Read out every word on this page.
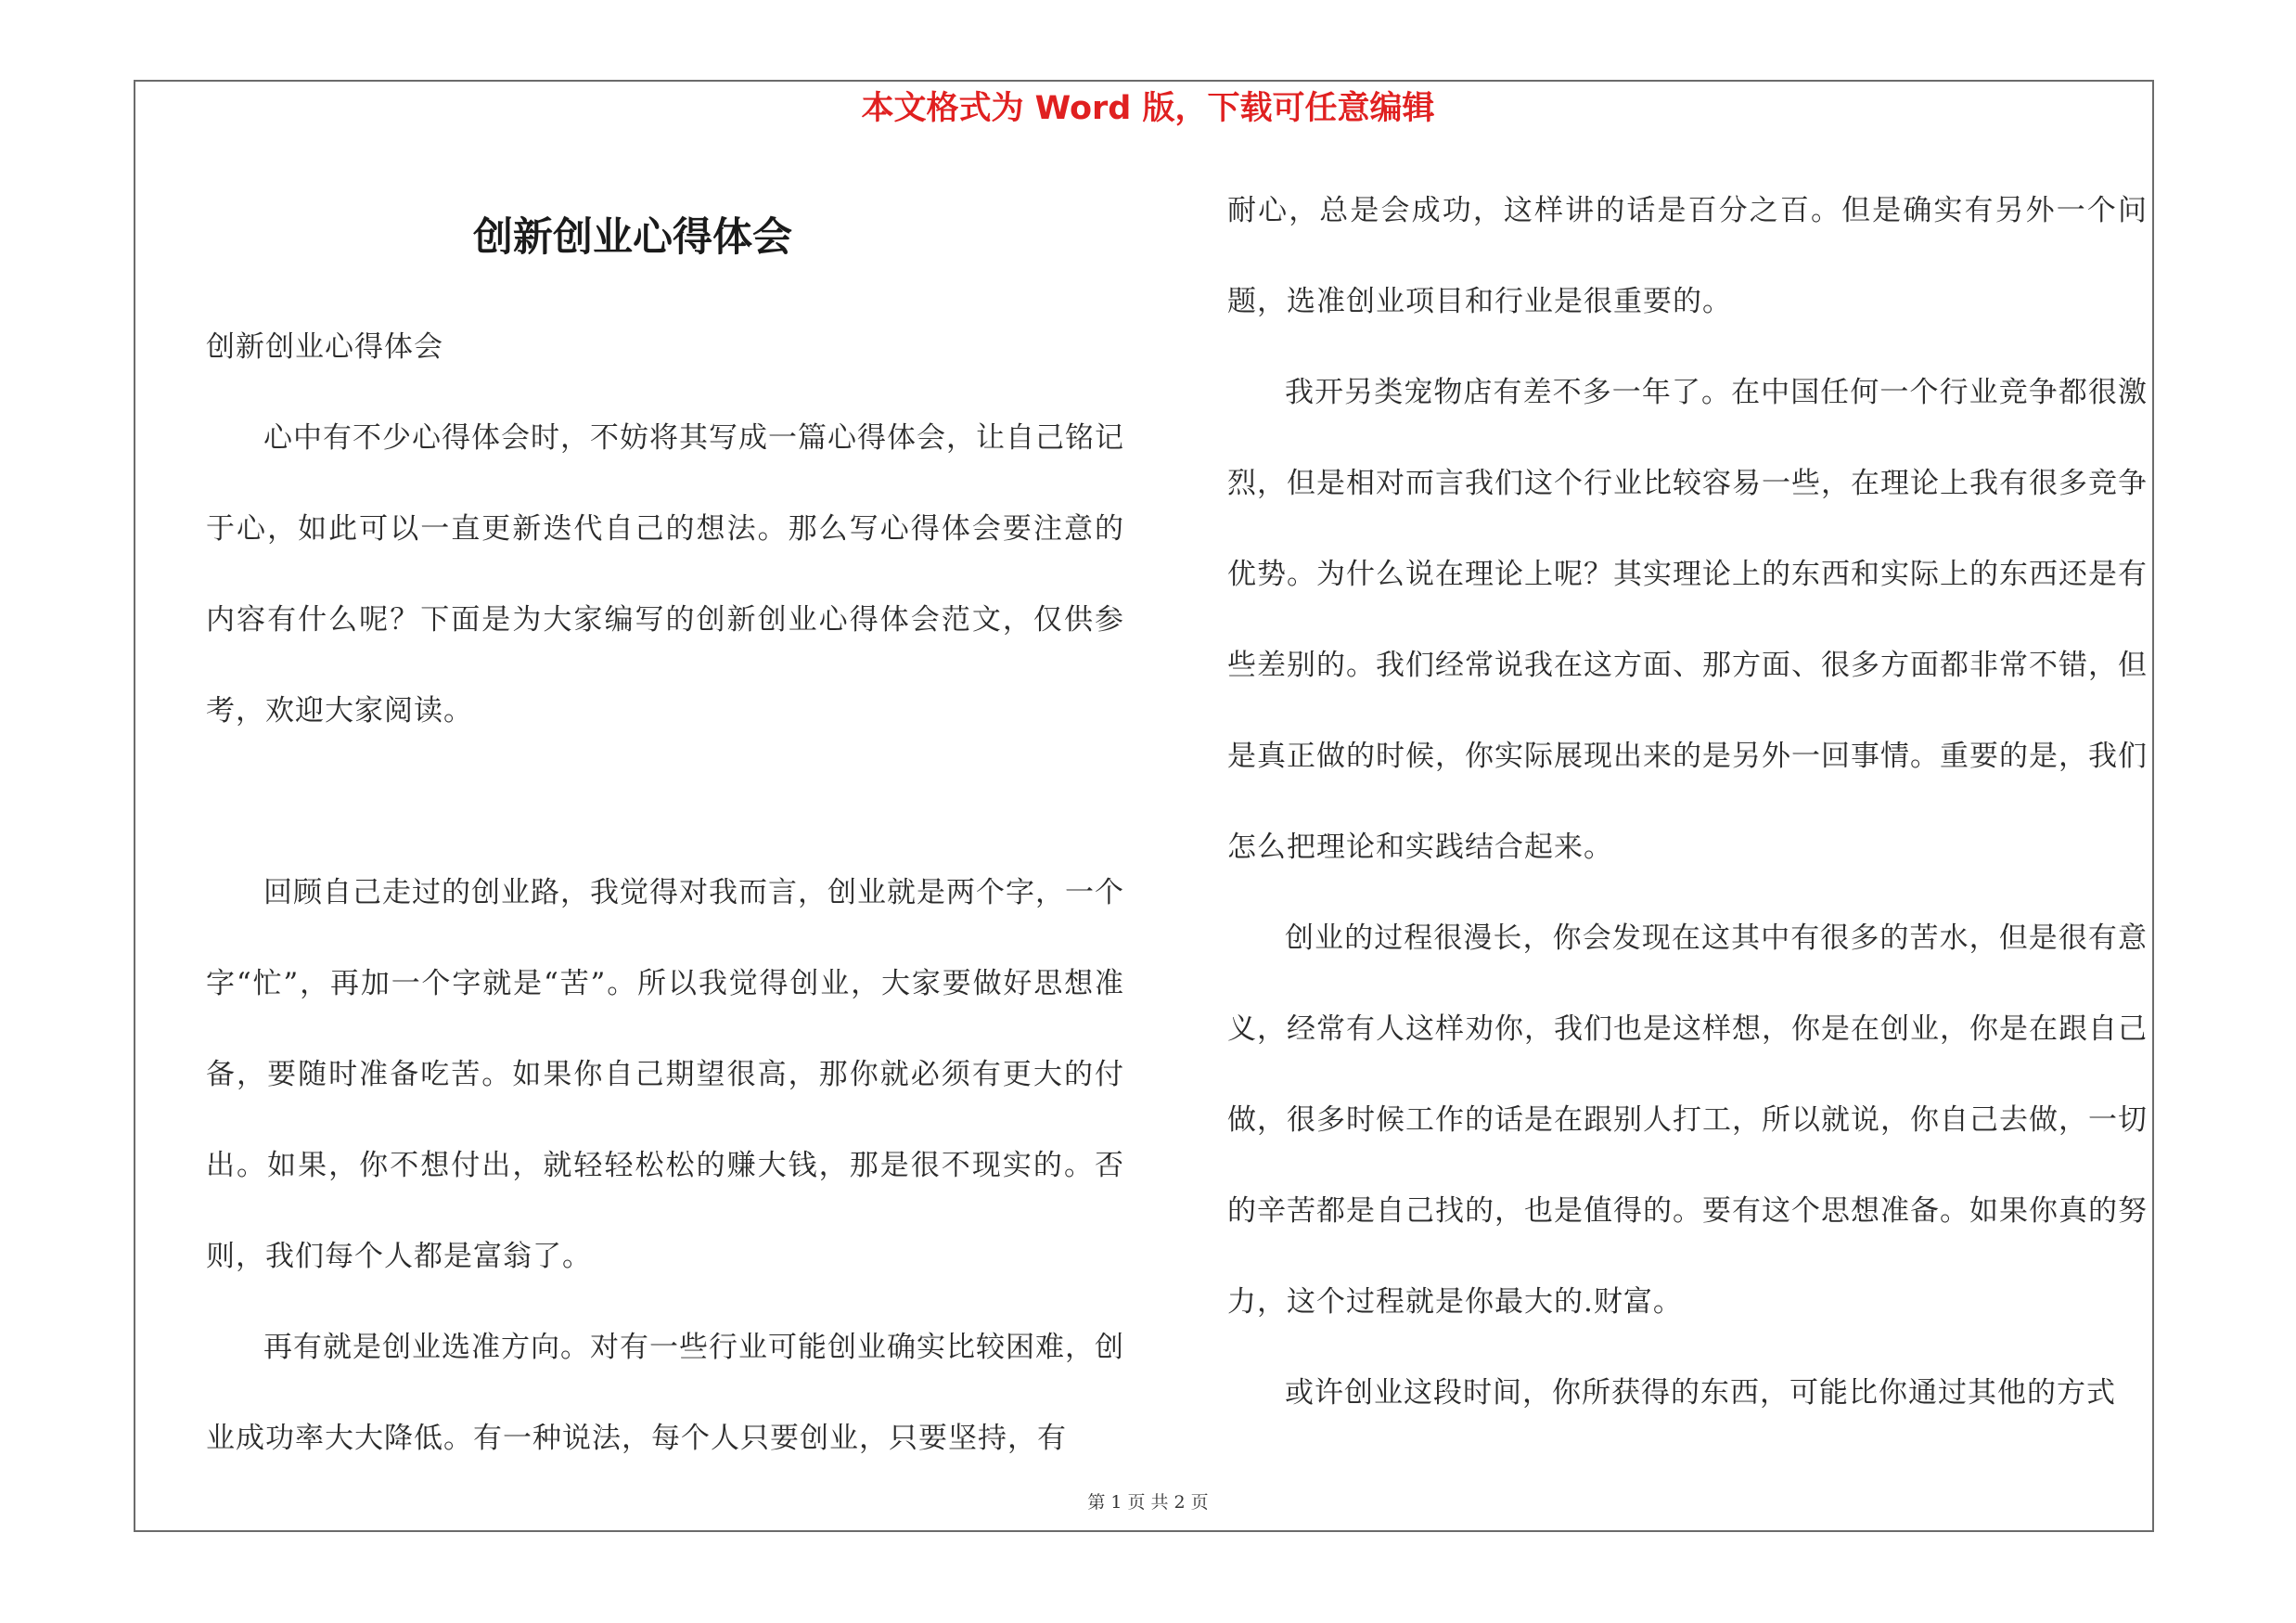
本文格式为 Word 版，下载可任意编辑
创新创业心得体会

创新创业心得体会

心中有不少心得体会时，不妨将其写成一篇心得体会，让自己铭记于心，如此可以一直更新迭代自己的想法。那么写心得体会要注意的内容有什么呢？下面是为大家编写的创新创业心得体会范文，仅供参考，欢迎大家阅读。

回顾自己走过的创业路，我觉得对我而言，创业就是两个字，一个字“忙”，再加一个字就是“苦”。所以我觉得创业，大家要做好思想准备，要随时准备吃苦。如果你自己期望很高，那你就必须有更大的付出。如果，你不想付出，就轻轻松松的赚大钱，那是很不现实的。否则，我们每个人都是富翁了。

再有就是创业选准方向。对有一些行业可能创业确实比较困难，创业成功率大大降低。有一种说法，每个人只要创业，只要坚持，有

耐心，总是会成功，这样讲的话是百分之百。但是确实有另外一个问题，选准创业项目和行业是很重要的。

我开另类宠物店有差不多一年了。在中国任何一个行业竞争都很激烈，但是相对而言我们这个行业比较容易一些，在理论上我有很多竞争优势。为什么说在理论上呢？其实理论上的东西和实际上的东西还是有些差别的。我们经常说我在这方面、那方面、很多方面都非常不错，但是真正做的时候，你实际展现出来的是另外一回事情。重要的是，我们怎么把理论和实践结合起来。

创业的过程很漫长，你会发现在这其中有很多的苦水，但是很有意义，经常有人这样劝你，我们也是这样想，你是在创业，你是在跟自己做，很多时候工作的话是在跟别人打工，所以就说，你自己去做，一切的辛苦都是自己找的，也是值得的。要有这个思想准备。如果你真的努力，这个过程就是你最大的.财富。

或许创业这段时间，你所获得的东西，可能比你通过其他的方式

第 1 页 共 2 页
